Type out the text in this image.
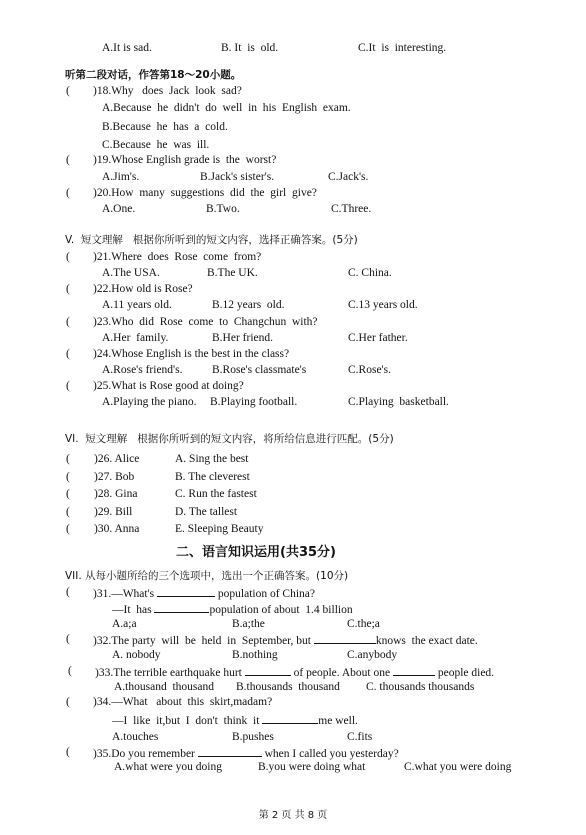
A.It is sad.	B. It  is  old.	C.It  is  interesting.
听第二段对话，作答第18～20小题。
( )18.Why   does  Jack  look  sad?
A.Because  he  didn't  do  well  in  his  English  exam.
B.Because  he  has  a  cold.
C.Because  he  was  ill.
( )19.Whose English grade is  the  worst?
A.Jim's.	B.Jack's sister's.	C.Jack's.
( )20.How  many  suggestions  did  the  girl  give?
A.One.	B.Two.	C.Three.
V.  短文理解   根据你所听到的短文内容，选择正确答案。(5分)
( )21.Where  does  Rose  come  from?
A.The USA.	B.The UK.	C. China.
( )22.How old is Rose?
A.11 years old.	B.12 years  old.	C.13 years old.
( )23.Who  did  Rose  come  to  Changchun  with?
A.Her  family.	B.Her friend.	C.Her father.
( )24.Whose English is the best in the class?
A.Rose's friend's.	B.Rose's classmate's	C.Rose's.
( )25.What is Rose good at doing?
A.Playing the piano. B.Playing football.	C.Playing  basketball.
VI.  短文理解   根据你所听到的短文内容，将所给信息进行匹配。(5分)
( )26. Alice	A. Sing the best
( )27. Bob	B. The cleverest
( )28. Gina	C. Run the fastest
( )29. Bill	D. The tallest
( )30. Anna	E. Sleeping Beauty
二、语言知识运用(共35分)
VII. 从每小题所给的三个选项中，选出一个正确答案。(10分)
( )31.—What's	population of China?
—It  has	population of about  1.4 billion
A.a;a	B.a;the	C.the;a
( )32.The party  will  be  held  in  September, but	knows  the exact date.
A. nobody	B.nothing	C.anybody
( )33.The terrible earthquake hurt	of people. About one	people died.
A.thousand  thousand B.thousands  thousand C. thousands thousands
( )34.—What   about  this  skirt,madam?
—I  like  it,but  I  don't  think  it	me well.
A.touches	B.pushes	C.fits
( )35.Do you remember	when I called you yesterday?
A.what were you doing	B.you were doing what	C.what you were doing
第 2 页 共 8 页
